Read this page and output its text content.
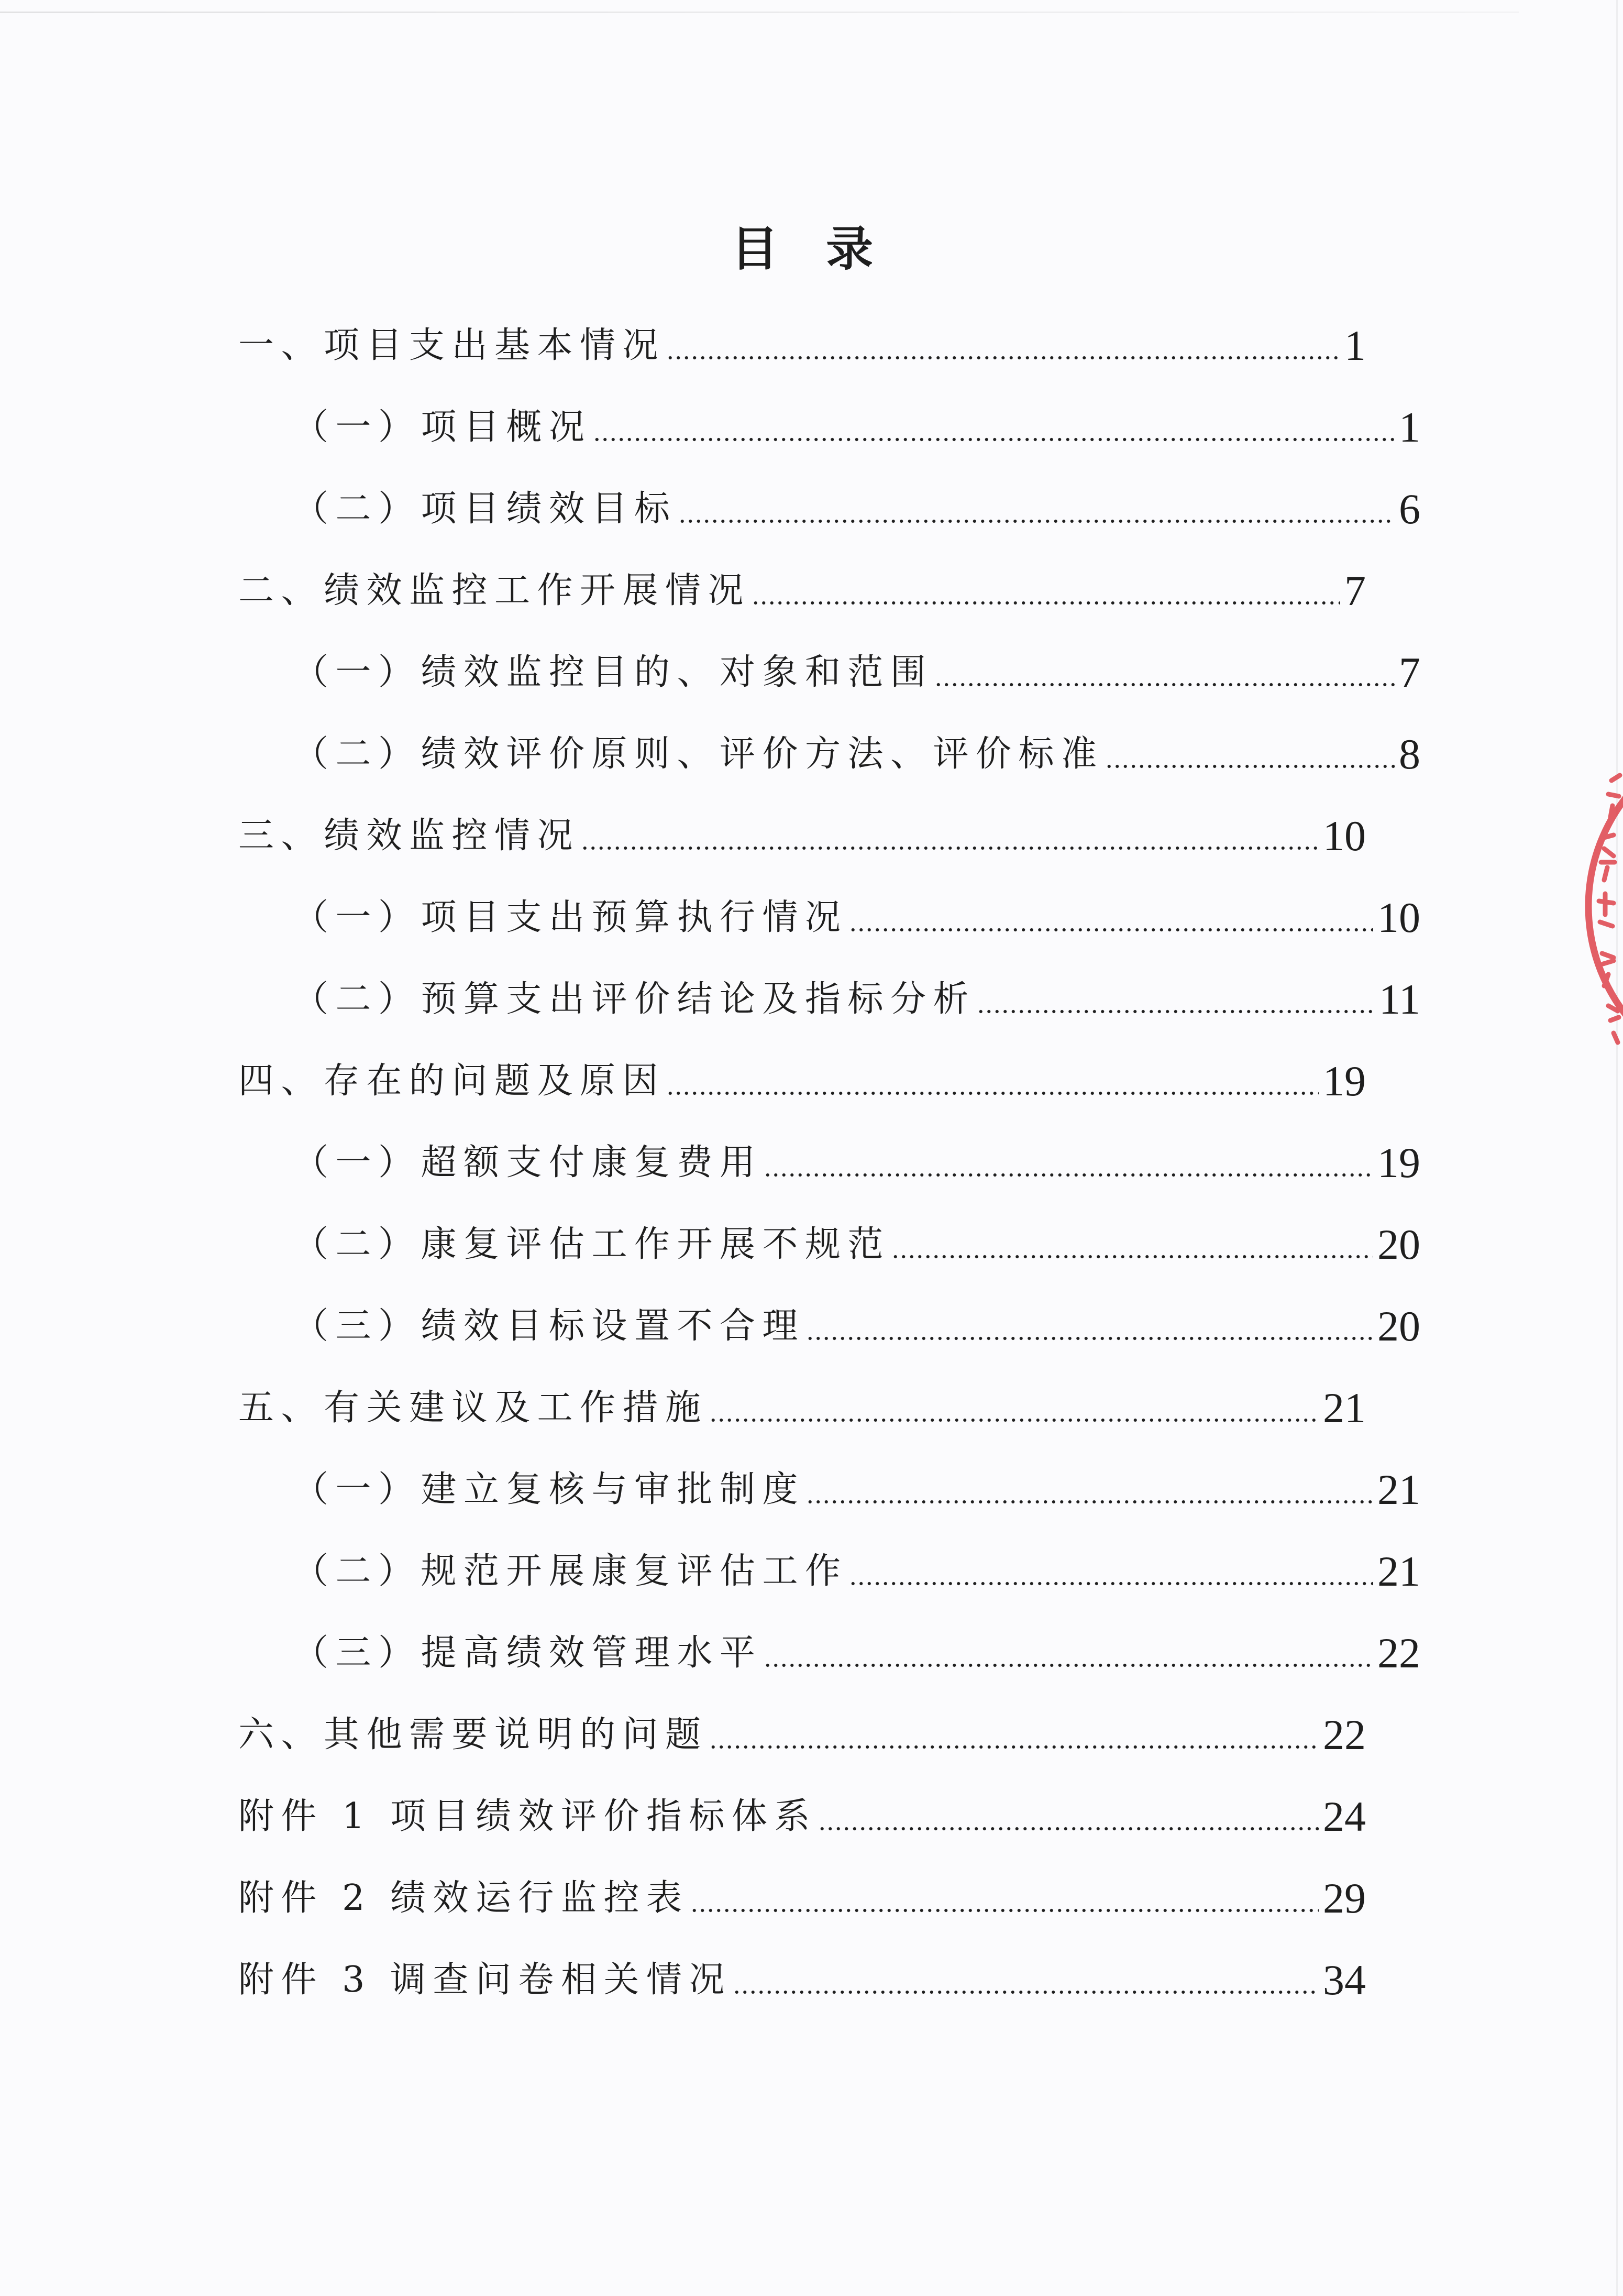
目 录
一、项目支出基本情况	1
（一）项目概况	1
（二）项目绩效目标	6
二、绩效监控工作开展情况	7
（一）绩效监控目的、对象和范围	7
（二）绩效评价原则、评价方法、评价标准	8
三、绩效监控情况	10
（一）项目支出预算执行情况	10
（二）预算支出评价结论及指标分析	11
四、存在的问题及原因	19
（一）超额支付康复费用	19
（二）康复评估工作开展不规范	20
（三）绩效目标设置不合理	20
五、有关建议及工作措施	21
（一）建立复核与审批制度	21
（二）规范开展康复评估工作	21
（三）提高绩效管理水平	22
六、其他需要说明的问题	22
附件 1 项目绩效评价指标体系	24
附件 2 绩效运行监控表	29
附件 3 调查问卷相关情况	34
